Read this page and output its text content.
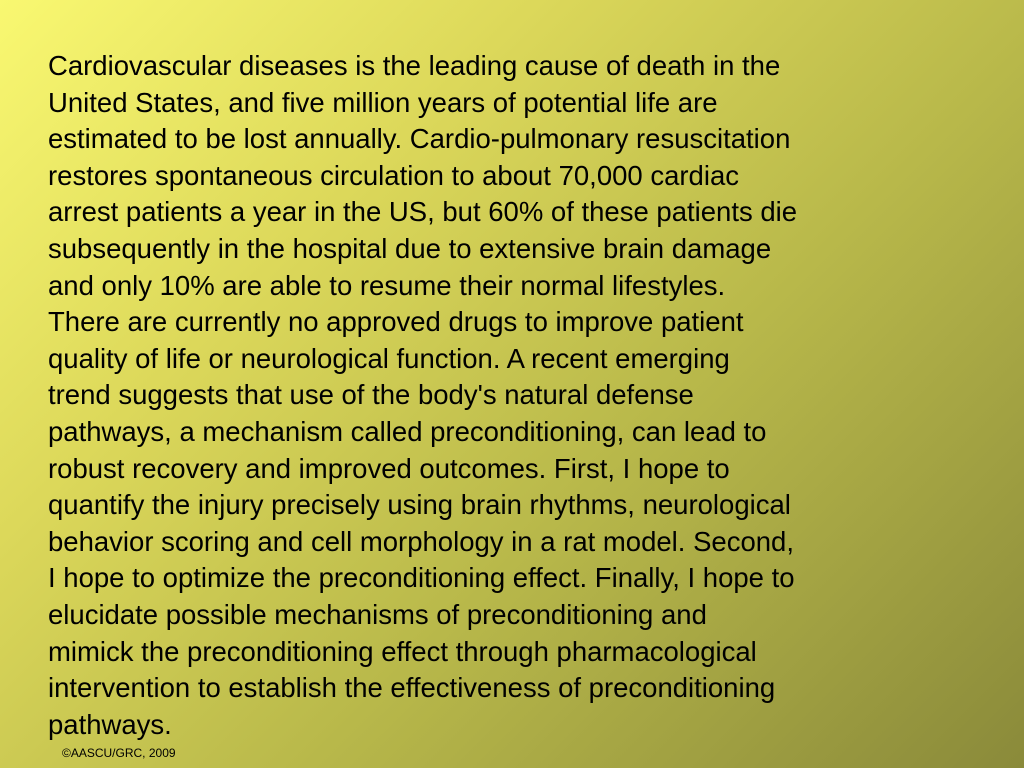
Cardiovascular diseases is the leading cause of death in the
United States, and five million years of potential life are
estimated to be lost annually. Cardio-pulmonary resuscitation
restores spontaneous circulation to about 70,000 cardiac
arrest patients a year in the US, but 60% of these patients die
subsequently in the hospital due to extensive brain damage
and only 10% are able to resume their normal lifestyles.
There are currently no approved drugs to improve patient
quality of life or neurological function. A recent emerging
trend suggests that use of the body's natural defense
pathways, a mechanism called preconditioning, can lead to
robust recovery and improved outcomes. First, I hope to
quantify the injury precisely using brain rhythms, neurological
behavior scoring and cell morphology in a rat model. Second,
I hope to optimize the preconditioning effect. Finally, I hope to
elucidate possible mechanisms of preconditioning and
mimick the preconditioning effect through pharmacological
intervention to establish the effectiveness of preconditioning
pathways.

©AASCU/GRC, 2009
